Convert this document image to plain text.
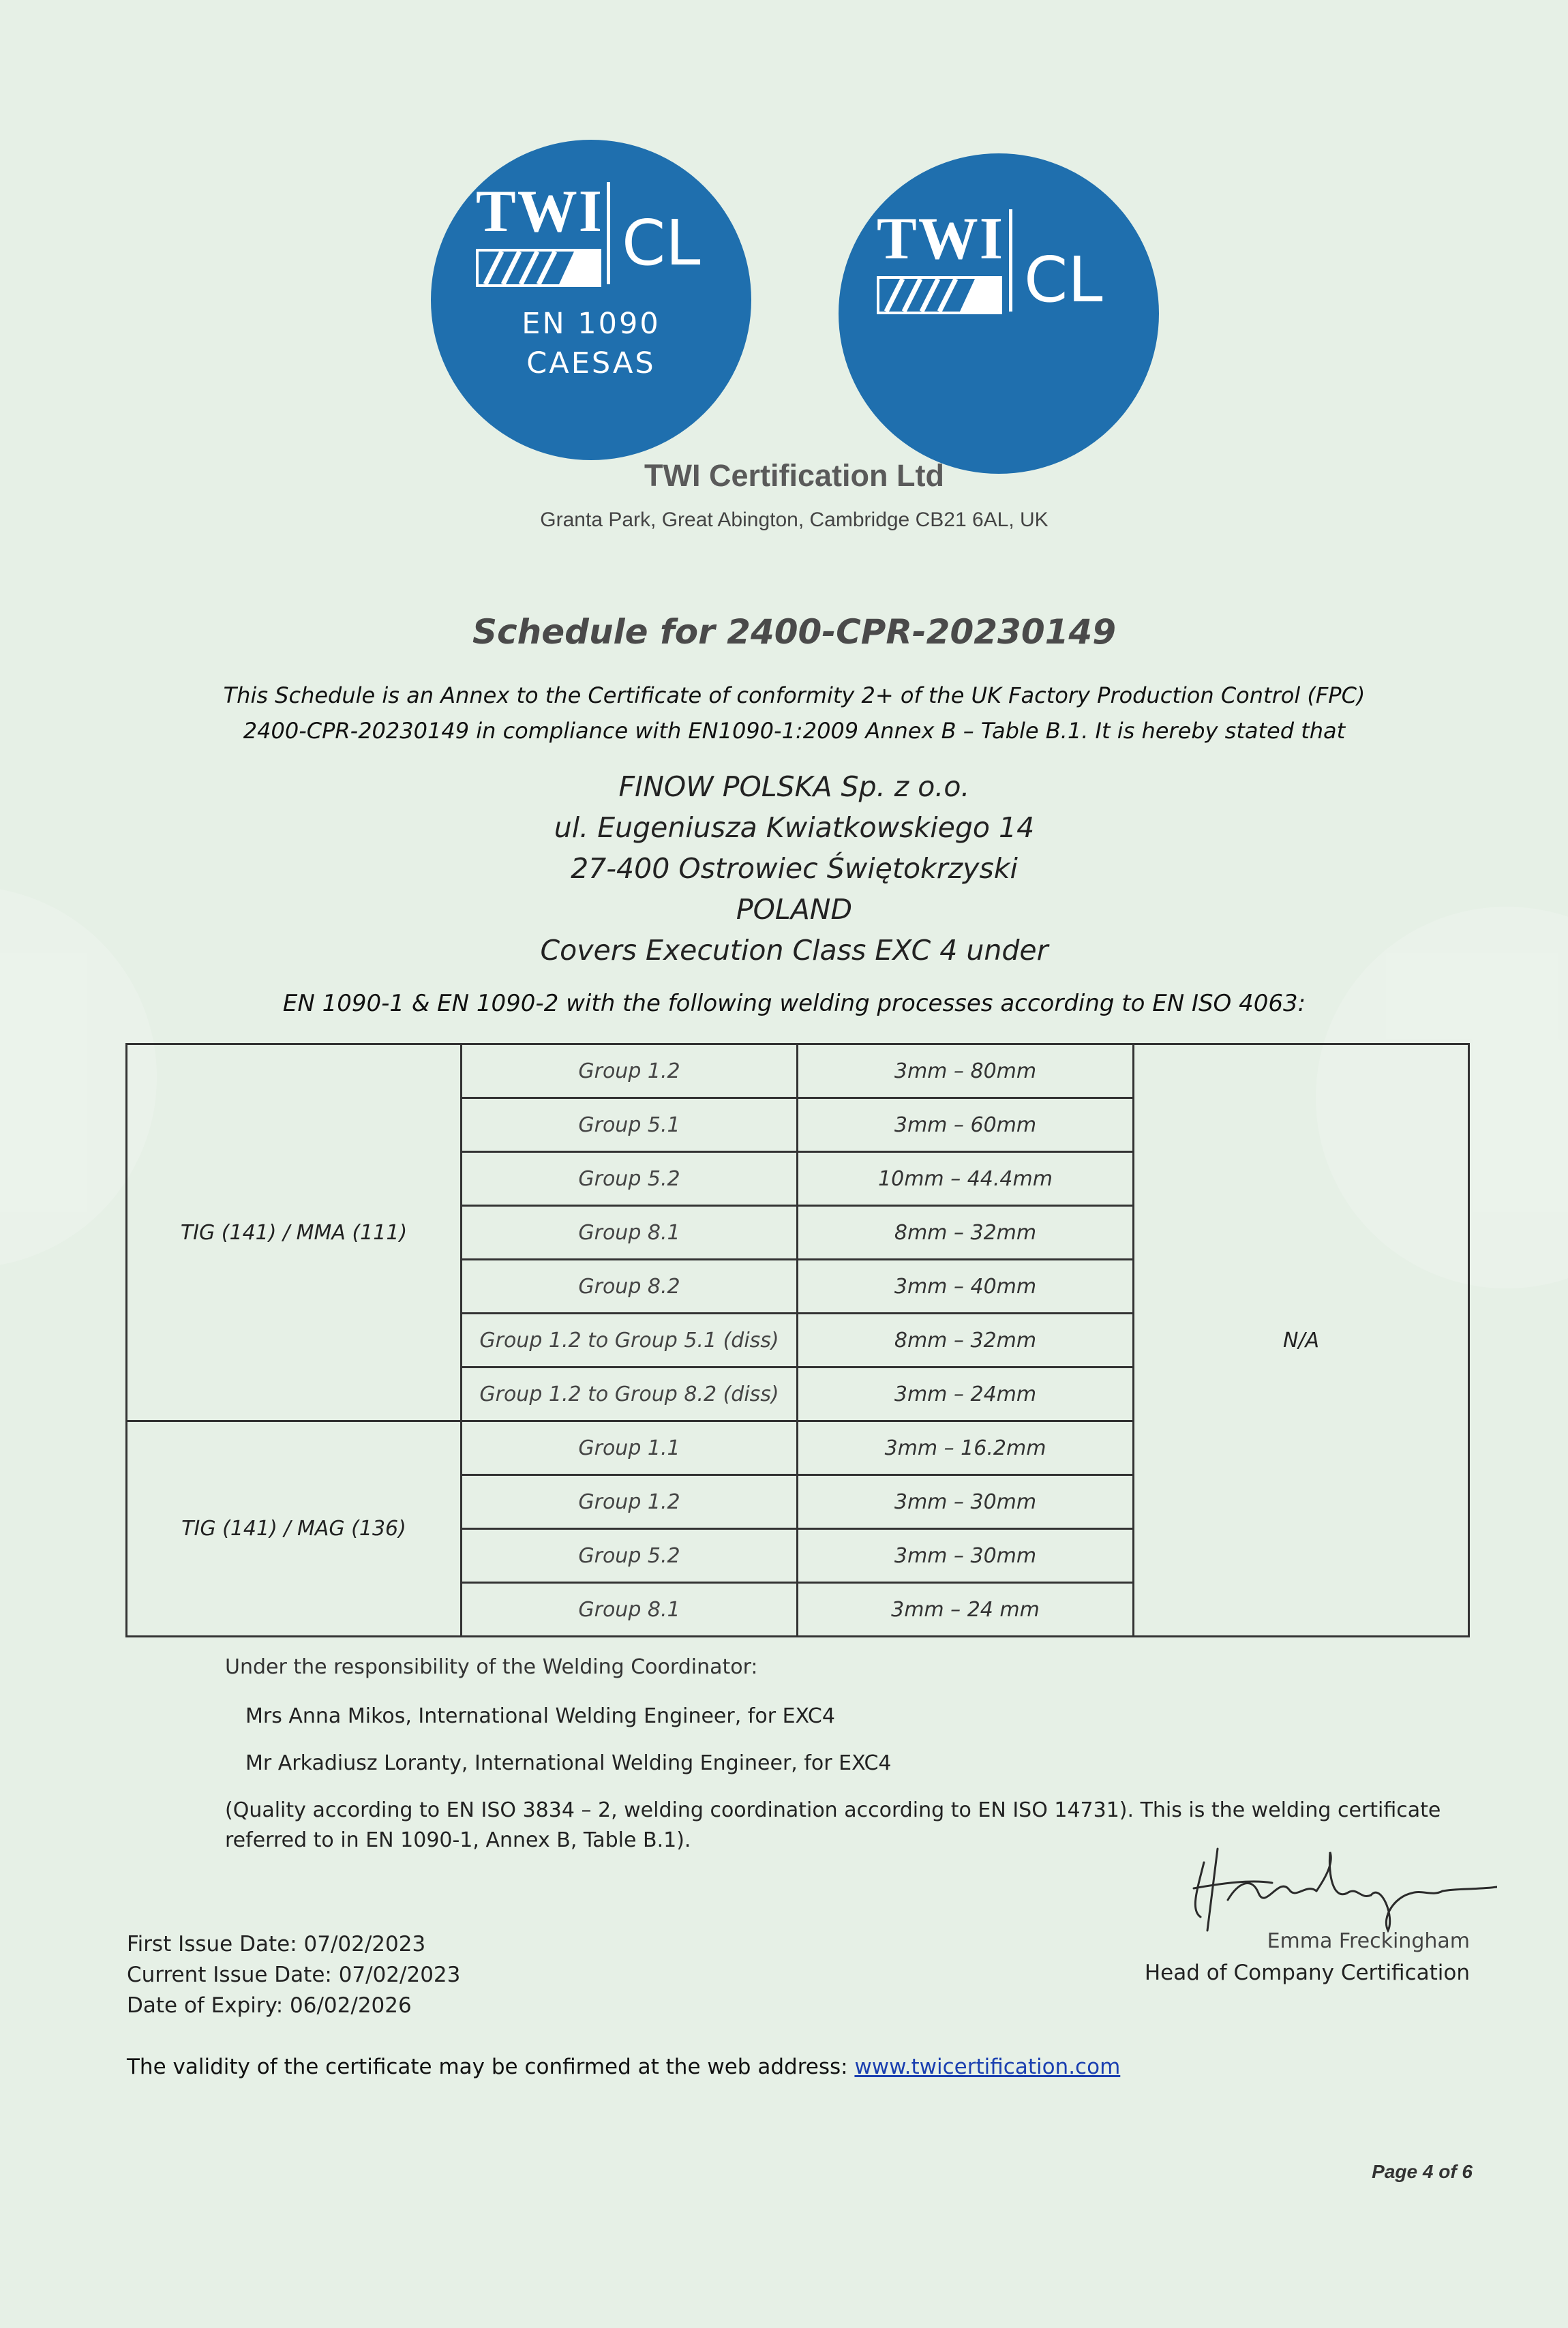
TWI CL
EN 1090
CAESAS
TWI
CL
TWI Certification Ltd
Granta Park, Great Abington, Cambridge CB21 6AL, UK
Schedule for 2400-CPR-20230149
This Schedule is an Annex to the Certificate of conformity 2+ of the UK Factory Production Control (FPC)
2400-CPR-20230149 in compliance with EN1090-1:2009 Annex B – Table B.1. It is hereby stated that
FINOW POLSKA Sp. z o.o.
ul. Eugeniusza Kwiatkowskiego 14
27-400 Ostrowiec Świętokrzyski
POLAND
Covers Execution Class EXC 4 under
EN 1090-1 & EN 1090-2 with the following welding processes according to EN ISO 4063:
TIG (141) / MMA (111)	Group 1.2	3mm – 80mm	N/A
	Group 5.1	3mm – 60mm	
	Group 5.2	10mm – 44.4mm	
	Group 8.1	8mm – 32mm	
	Group 8.2	3mm – 40mm	
	Group 1.2 to Group 5.1 (diss)	8mm – 32mm	
	Group 1.2 to Group 8.2 (diss)	3mm – 24mm	
TIG (141) / MAG (136)	Group 1.1	3mm – 16.2mm	
	Group 1.2	3mm – 30mm	
	Group 5.2	3mm – 30mm	
	Group 8.1	3mm – 24 mm	
Under the responsibility of the Welding Coordinator:
Mrs Anna Mikos, International Welding Engineer, for EXC4
Mr Arkadiusz Loranty, International Welding Engineer, for EXC4
(Quality according to EN ISO 3834 – 2, welding coordination according to EN ISO 14731). This is the welding certificate
referred to in EN 1090-1, Annex B, Table B.1).
Emma Freckingham
Head of Company Certification
First Issue Date: 07/02/2023
Current Issue Date: 07/02/2023
Date of Expiry: 06/02/2026
The validity of the certificate may be confirmed at the web address: www.twicertification.com
Page 4 of 6
